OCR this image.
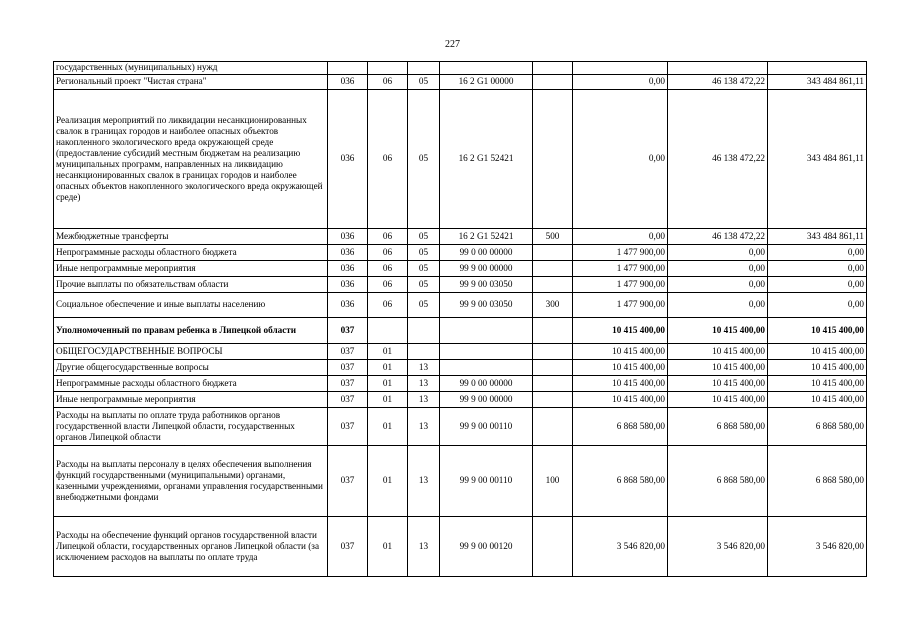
227
государственных (муниципальных) нужд								
Региональный проект "Чистая страна"	036	06	05	16 2 G1 00000		0,00	46 138 472,22	343 484 861,11
Реализация мероприятий по ликвидации несанкционированных свалок в границах городов и наиболее опасных объектов накопленного экологического вреда окружающей среде (предоставление субсидий местным бюджетам на реализацию муниципальных программ, направленных на ликвидацию несанкционированных свалок в границах городов и наиболее опасных объектов накопленного экологического вреда окружающей среде)	036	06	05	16 2 G1 52421		0,00	46 138 472,22	343 484 861,11
Межбюджетные трансферты	036	06	05	16 2 G1 52421	500	0,00	46 138 472,22	343 484 861,11
Непрограммные расходы областного бюджета	036	06	05	99 0 00 00000		1 477 900,00	0,00	0,00
Иные непрограммные мероприятия	036	06	05	99 9 00 00000		1 477 900,00	0,00	0,00
Прочие выплаты по обязательствам области	036	06	05	99 9 00 03050		1 477 900,00	0,00	0,00
Социальное обеспечение и иные выплаты населению	036	06	05	99 9 00 03050	300	1 477 900,00	0,00	0,00
Уполномоченный по правам ребенка в Липецкой области	037					10 415 400,00	10 415 400,00	10 415 400,00
ОБЩЕГОСУДАРСТВЕННЫЕ ВОПРОСЫ	037	01				10 415 400,00	10 415 400,00	10 415 400,00
Другие общегосударственные вопросы	037	01	13			10 415 400,00	10 415 400,00	10 415 400,00
Непрограммные расходы областного бюджета	037	01	13	99 0 00 00000		10 415 400,00	10 415 400,00	10 415 400,00
Иные непрограммные мероприятия	037	01	13	99 9 00 00000		10 415 400,00	10 415 400,00	10 415 400,00
Расходы на выплаты по оплате труда работников органов государственной власти Липецкой области, государственных органов Липецкой области	037	01	13	99 9 00 00110		6 868 580,00	6 868 580,00	6 868 580,00
Расходы на выплаты персоналу в целях обеспечения выполнения функций государственными (муниципальными) органами, казенными учреждениями, органами управления государственными внебюджетными фондами	037	01	13	99 9 00 00110	100	6 868 580,00	6 868 580,00	6 868 580,00
Расходы на обеспечение функций органов государственной власти Липецкой области, государственных органов Липецкой области (за исключением расходов на выплаты по оплате труда	037	01	13	99 9 00 00120		3 546 820,00	3 546 820,00	3 546 820,00
